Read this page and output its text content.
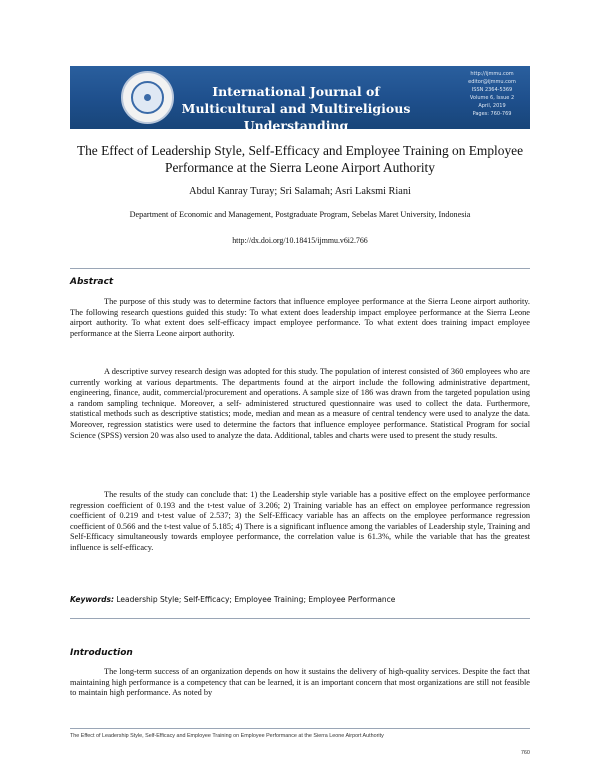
International Journal of Multicultural and Multireligious Understanding
http://ijmmu.com
editor@ijmmu.com
ISSN 2364-5369
Volume 6, Issue 2
April, 2019
Pages: 760-769
The Effect of Leadership Style, Self-Efficacy and Employee Training on Employee Performance at the Sierra Leone Airport Authority
Abdul Kanray Turay; Sri Salamah; Asri Laksmi Riani
Department of Economic and Management, Postgraduate Program, Sebelas Maret University, Indonesia
http://dx.doi.org/10.18415/ijmmu.v6i2.766
Abstract
The purpose of this study was to determine factors that influence employee performance at the Sierra Leone airport authority. The following research questions guided this study: To what extent does leadership impact employee performance at the Sierra Leone airport authority. To what extent does self-efficacy impact employee performance. To what extent does training impact employee performance at the Sierra Leone airport authority.
A descriptive survey research design was adopted for this study. The population of interest consisted of 360 employees who are currently working at various departments. The departments found at the airport include the following administrative department, engineering, finance, audit, commercial/procurement and operations. A sample size of 186 was drawn from the targeted population using a random sampling technique. Moreover, a self- administered structured questionnaire was used to collect the data. Furthermore, statistical methods such as descriptive statistics; mode, median and mean as a measure of central tendency were used to analyze the data. Moreover, regression statistics were used to determine the factors that influence employee performance. Statistical Program for social Science (SPSS) version 20 was also used to analyze the data. Additional, tables and charts were used to present the study results.
The results of the study can conclude that: 1) the Leadership style variable has a positive effect on the employee performance regression coefficient of 0.193 and the t-test value of 3.206; 2) Training variable has an effect on employee performance regression coefficient of 0.219 and t-test value of 2.537; 3) the Self-Efficacy variable has an affects on the employee performance regression coefficient of 0.566 and the t-test value of 5.185; 4) There is a significant influence among the variables of Leadership style, Training and Self-Efficacy simultaneously towards employee performance, the correlation value is 61.3%, while the variable that has the greatest influence is self-efficacy.
Keywords: Leadership Style; Self-Efficacy; Employee Training; Employee Performance
Introduction
The long-term success of an organization depends on how it sustains the delivery of high-quality services. Despite the fact that maintaining high performance is a competency that can be learned, it is an important concern that most organizations are still not feasible to maintain high performance. As noted by
The Effect of Leadership Style, Self-Efficacy and Employee Training on Employee Performance at the Sierra Leone Airport Authority
760
